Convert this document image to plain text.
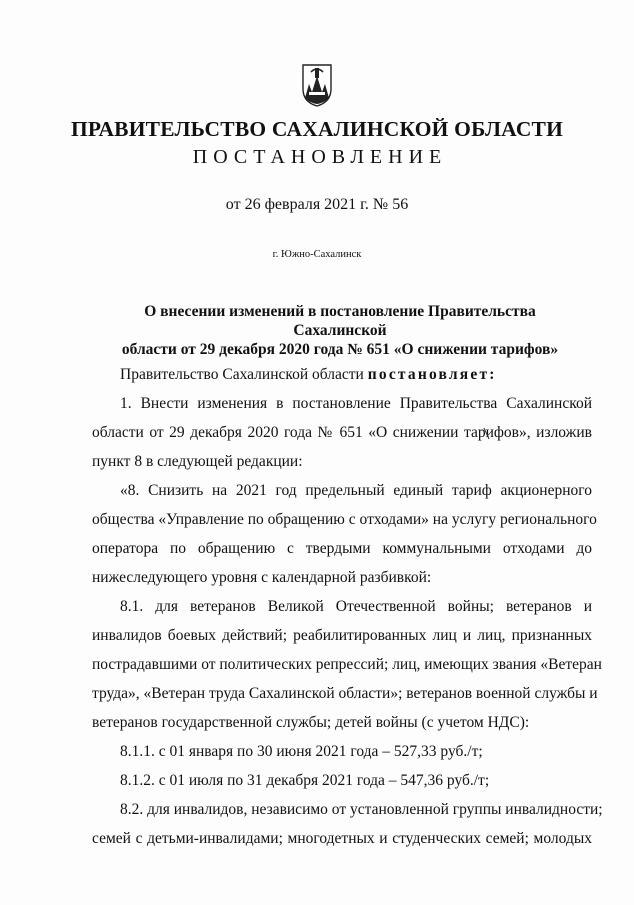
ПРАВИТЕЛЬСТВО САХАЛИНСКОЙ ОБЛАСТИ
ПОСТАНОВЛЕНИЕ
от 26 февраля 2021 г. № 56
г. Южно-Сахалинск
О внесении изменений в постановление Правительства Сахалинской
области от 29 декабря 2020 года № 651 «О снижении тарифов»
Правительство Сахалинской области постановляет:
1. Внести изменения в постановление Правительства Сахалинской
области от 29 декабря 2020 года № 651 «О снижении тарифов», изложив
пункт 8 в следующей редакции:
«8. Снизить на 2021 год предельный единый тариф акционерного
общества «Управление по обращению с отходами» на услугу регионального
оператора по обращению с твердыми коммунальными отходами до
нижеследующего уровня с календарной разбивкой:
8.1. для ветеранов Великой Отечественной войны; ветеранов и
инвалидов боевых действий; реабилитированных лиц и лиц, признанных
пострадавшими от политических репрессий; лиц, имеющих звания «Ветеран
труда», «Ветеран труда Сахалинской области»; ветеранов военной службы и
ветеранов государственной службы; детей войны (с учетом НДС):
8.1.1. с 01 января по 30 июня 2021 года – 527,33 руб./т;
8.1.2. с 01 июля по 31 декабря 2021 года – 547,36 руб./т;
8.2. для инвалидов, независимо от установленной группы инвалидности;
семей с детьми-инвалидами; многодетных и студенческих семей; молодых
